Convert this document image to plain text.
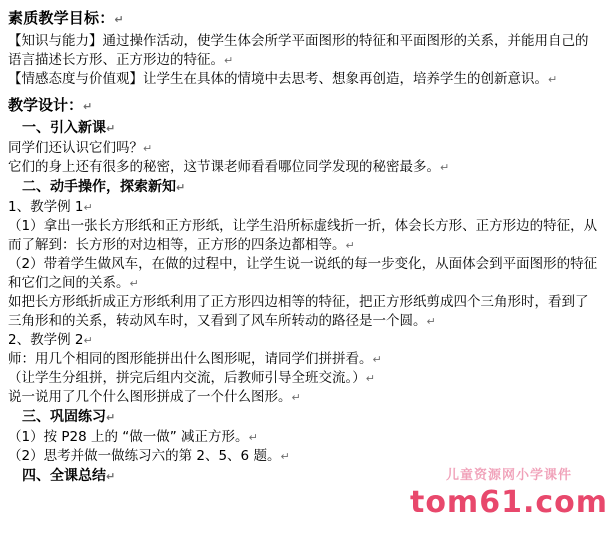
素质教学目标：↵
【知识与能力】通过操作活动，使学生体会所学平面图形的特征和平面图形的关系，并能用自己的
语言描述长方形、正方形边的特征。↵
【情感态度与价值观】让学生在具体的情境中去思考、想象再创造，培养学生的创新意识。↵
教学设计：↵
一、引入新课↵
同学们还认识它们吗？↵
它们的身上还有很多的秘密，这节课老师看看哪位同学发现的秘密最多。↵
二、动手操作，探索新知↵
1、教学例 1↵
（1）拿出一张长方形纸和正方形纸，让学生沿所标虚线折一折，体会长方形、正方形边的特征，从
而了解到：长方形的对边相等，正方形的四条边都相等。↵
（2）带着学生做风车，在做的过程中，让学生说一说纸的每一步变化，从面体会到平面图形的特征
和它们之间的关系。↵
如把长方形纸折成正方形纸利用了正方形四边相等的特征，把正方形纸剪成四个三角形时，看到了
三角形和的关系，转动风车时，又看到了风车所转动的路径是一个圆。↵
2、教学例 2↵
师：用几个相同的图形能拼出什么图形呢，请同学们拼拼看。↵
（让学生分组拼，拼完后组内交流，后教师引导全班交流。）↵
说一说用了几个什么图形拼成了一个什么图形。↵
三、巩固练习↵
（1）按 P28 上的 “做一做” 减正方形。↵
（2）思考并做一做练习六的第 2、5、6 题。↵
四、全课总结↵	儿童资源网小学课件
tom61.com
